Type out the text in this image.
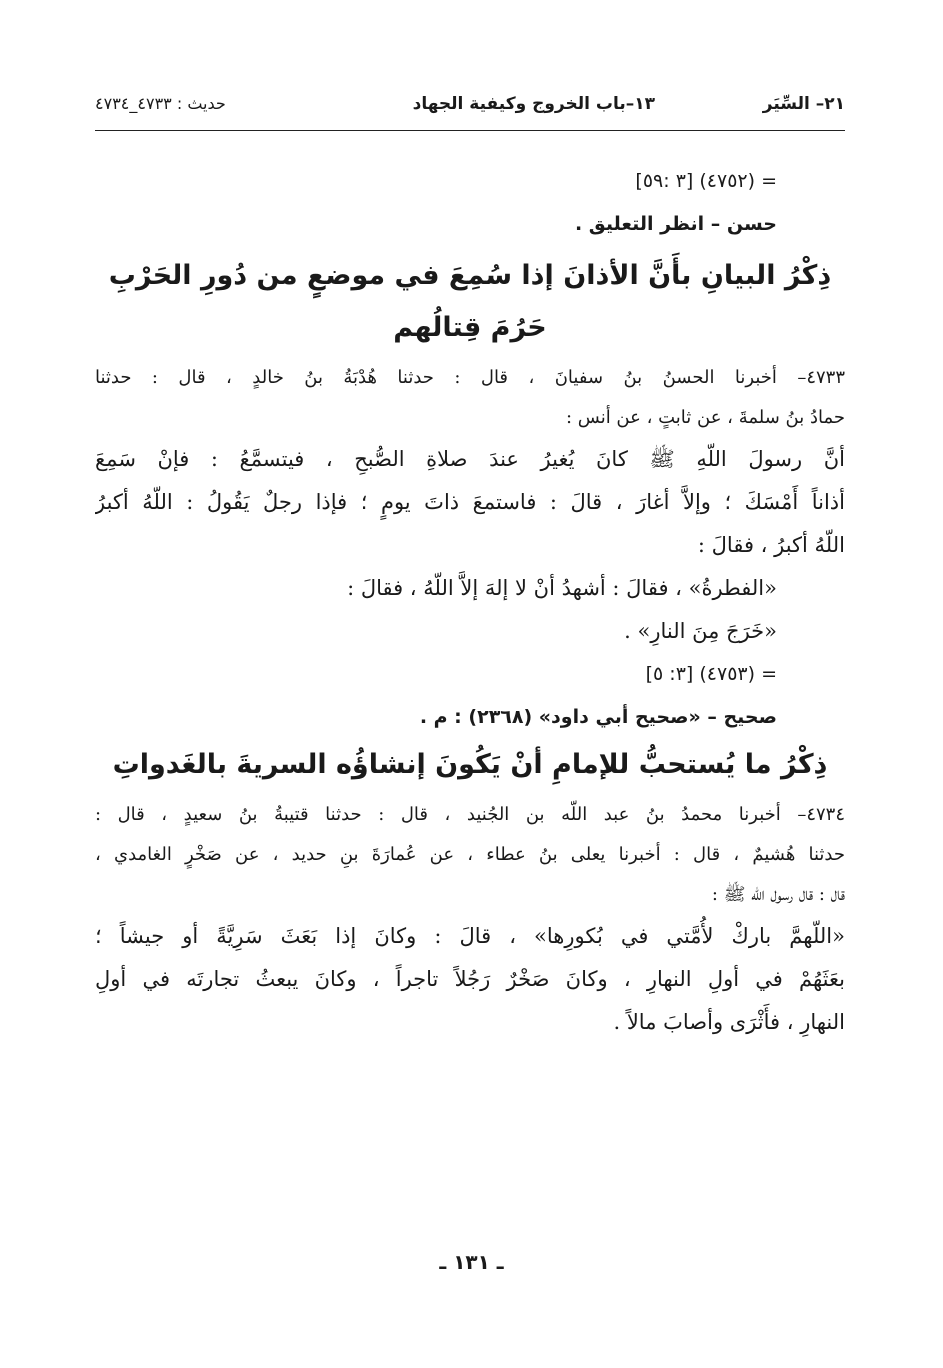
٢١– السِّيَر
١٣–باب الخروج وكيفية الجهاد
حديث : ٤٧٣٣_٤٧٣٤
= (٤٧٥٢) [٣ :٥٩]
حسن – انظر التعليق .
ذِكْرُ البيانِ بأَنَّ الأذانَ إذا سُمِعَ في موضعٍ من دُورِ الحَرْبِ
حَرُمَ قِتالُهم
٤٧٣٣– أخبرنا الحسنُ بنُ سفيانَ ، قال : حدثنا هُدْبَةُ بنُ خالدٍ ، قال : حدثنا
حمادُ بنُ سلمةَ ، عن ثابتٍ ، عن أنس :
أنَّ رسولَ اللّهِ ﷺ كانَ يُغيرُ عندَ صلاةِ الصُّبحِ ، فيتسمَّعُ : فإنْ سَمِعَ
أذاناً أَمْسَكَ ؛ وإلاَّ أغارَ ، قالَ : فاستمعَ ذاتَ يومٍ ؛ فإذا رجلٌ يَقُولُ : اللّهُ أكبرُ
اللّهُ أكبرُ ، فقالَ :
«الفطرةُ» ، فقالَ : أشهدُ أنْ لا إلهَ إلاَّ اللّهُ ، فقالَ :
«خَرَجَ مِنَ النارِ» .
= (٤٧٥٣) [٣: ٥]
صحيح – «صحيح أبي داود» (٢٣٦٨) : م .
ذِكْرُ ما يُستحبُّ للإمامِ أنْ يَكُونَ إنشاؤُه السريةَ بالغَدواتِ
٤٧٣٤– أخبرنا محمدُ بنُ عبد اللّه بن الجُنيد ، قال : حدثنا قتيبةُ بنُ سعيدٍ ، قال :
حدثنا هُشيمٌ ، قال : أخبرنا يعلى بنُ عطاء ، عن عُمارَةَ بنِ حديد ، عن صَخْرٍ الغامدي ،
قال : قال رسول اللّه ﷺ :
«اللّهمَّ باركْ لأُمَّتي في بُكورِها» ، قالَ : وكانَ إذا بَعَثَ سَرِيَّةً أو جيشاً ؛
بعَثَهُمْ في أولِ النهارِ ، وكانَ صَخْرٌ رَجُلاً تاجراً ، وكانَ يبعثُ تجارتَه في أولِ
النهارِ ، فأَثْرَى وأصابَ مالاً .
ـ ١٣١ ـ
